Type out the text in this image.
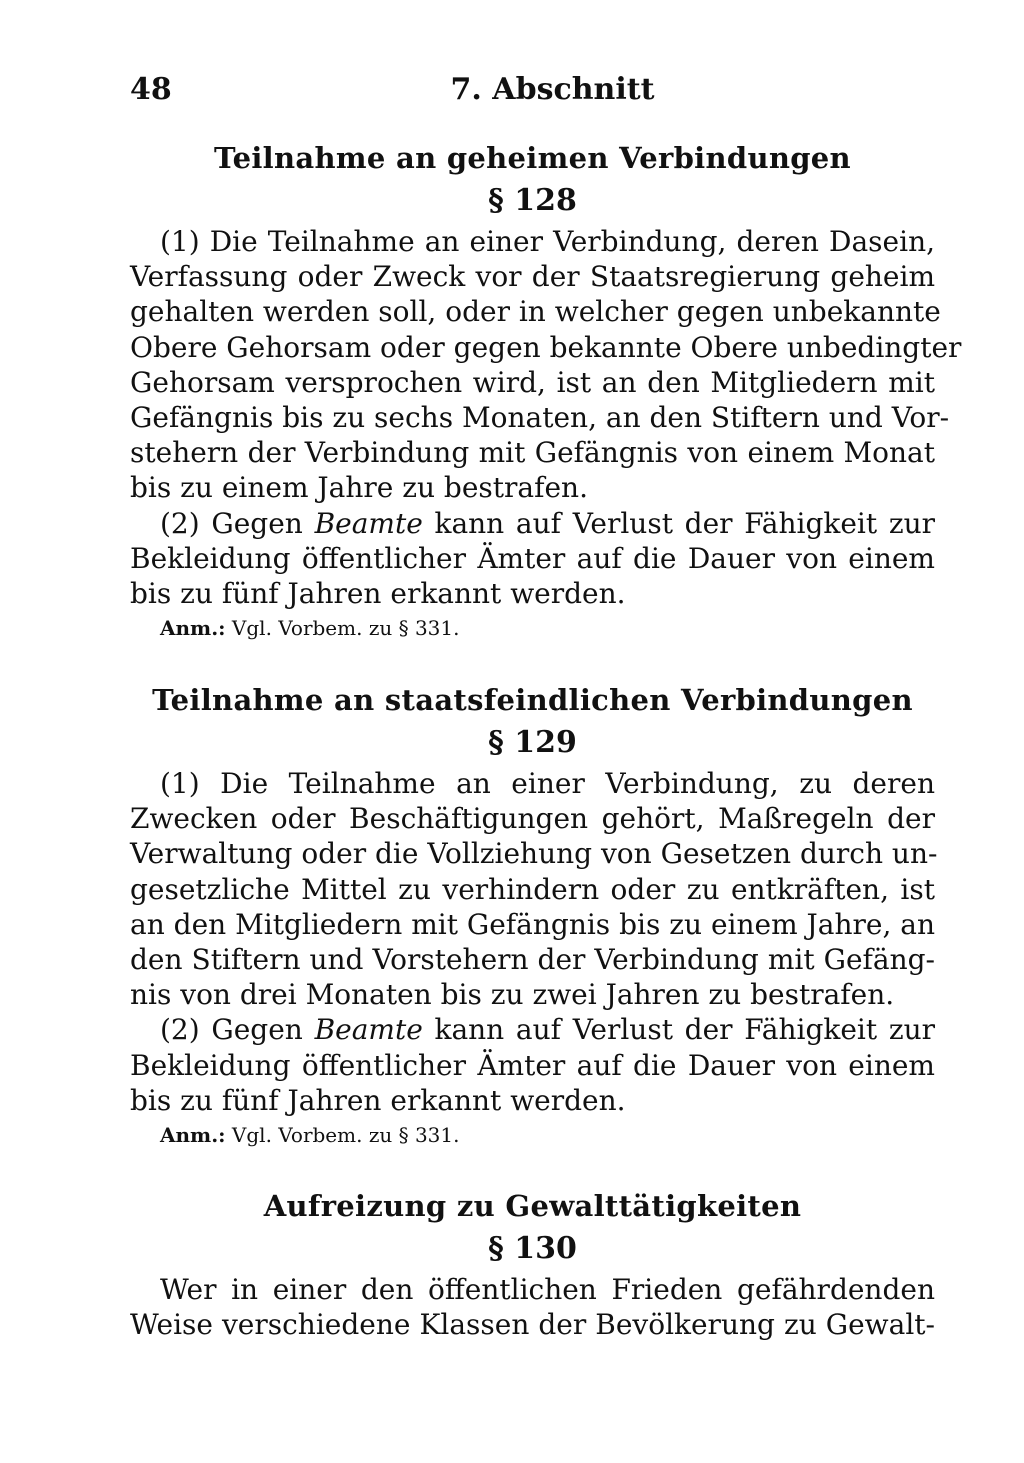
48	7. Abschnitt
Teilnahme an geheimen Verbindungen
§ 128
(1) Die Teilnahme an einer Verbindung, deren Dasein,
Verfassung oder Zweck vor der Staatsregierung geheim
gehalten werden soll, oder in welcher gegen unbekannte
Obere Gehorsam oder gegen bekannte Obere unbedingter
Gehorsam versprochen wird, ist an den Mitgliedern mit
Gefängnis bis zu sechs Monaten, an den Stiftern und Vor-
stehern der Verbindung mit Gefängnis von einem Monat
bis zu einem Jahre zu bestrafen.
(2) Gegen Beamte kann auf Verlust der Fähigkeit zur
Bekleidung öffentlicher Ämter auf die Dauer von einem
bis zu fünf Jahren erkannt werden.
Anm.: Vgl. Vorbem. zu § 331.
Teilnahme an staatsfeindlichen Verbindungen
§ 129
(1) Die Teilnahme an einer Verbindung, zu deren
Zwecken oder Beschäftigungen gehört, Maßregeln der
Verwaltung oder die Vollziehung von Gesetzen durch un-
gesetzliche Mittel zu verhindern oder zu entkräften, ist
an den Mitgliedern mit Gefängnis bis zu einem Jahre, an
den Stiftern und Vorstehern der Verbindung mit Gefäng-
nis von drei Monaten bis zu zwei Jahren zu bestrafen.
(2) Gegen Beamte kann auf Verlust der Fähigkeit zur
Bekleidung öffentlicher Ämter auf die Dauer von einem
bis zu fünf Jahren erkannt werden.
Anm.: Vgl. Vorbem. zu § 331.
Aufreizung zu Gewalttätigkeiten
§ 130
Wer in einer den öffentlichen Frieden gefährdenden
Weise verschiedene Klassen der Bevölkerung zu Gewalt-
